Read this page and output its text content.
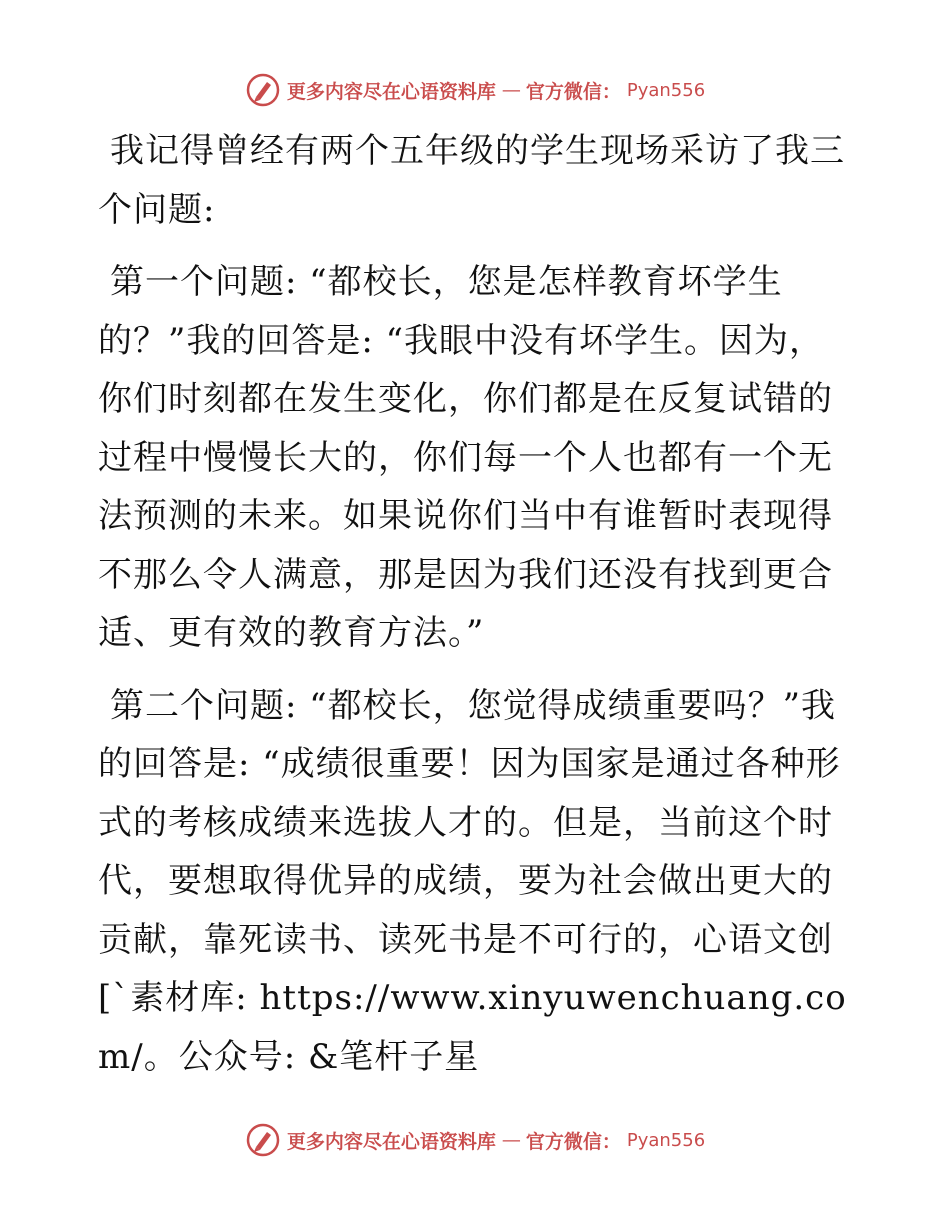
更多内容尽在心语资料库 — 官方微信： Pyan556

我记得曾经有两个五年级的学生现场采访了我三个问题:

第一个问题: “都校长，您是怎样教育坏学生的？”我的回答是: “我眼中没有坏学生。因为，你们时刻都在发生变化，你们都是在反复试错的过程中慢慢长大的，你们每一个人也都有一个无法预测的未来。如果说你们当中有谁暂时表现得不那么令人满意，那是因为我们还没有找到更合适、更有效的教育方法。”

第二个问题: “都校长，您觉得成绩重要吗？”我的回答是: “成绩很重要！因为国家是通过各种形式的考核成绩来选拔人才的。但是，当前这个时代，要想取得优异的成绩，要为社会做出更大的贡献，靠死读书、读死书是不可行的，心语文创[`素材库: https://www.xinyuwenchuang.com/。公众号: &笔杆子星

更多内容尽在心语资料库 — 官方微信： Pyan556
